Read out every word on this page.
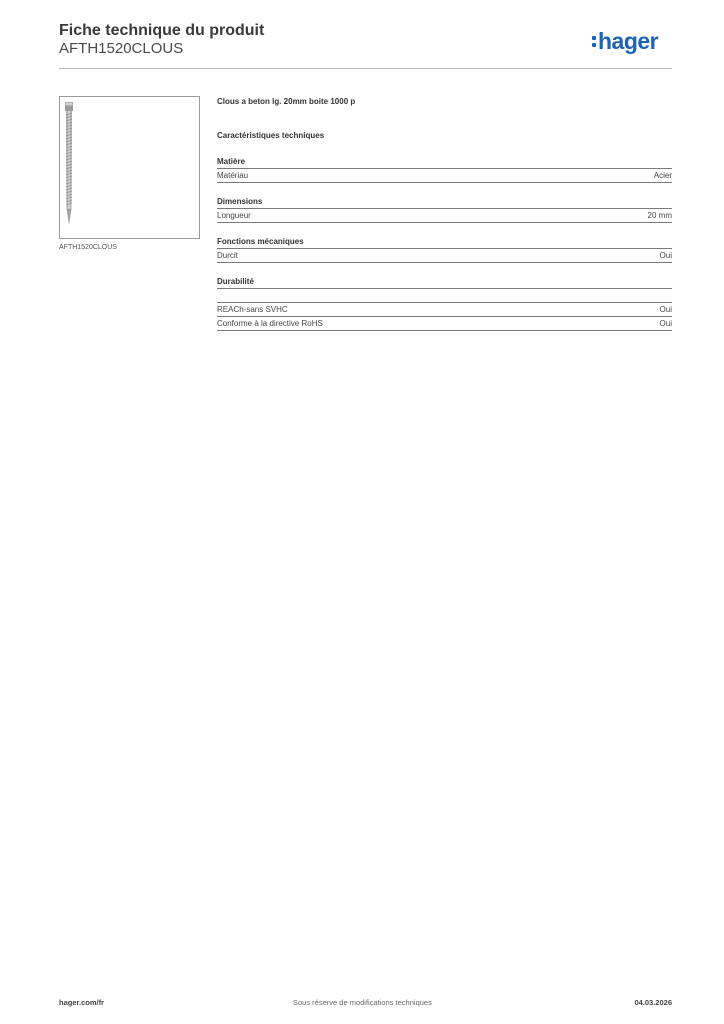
Fiche technique du produit
AFTH1520CLOUS	hager
AFTH1520CLOUS
Clous a beton lg. 20mm boite 1000 p
Caractéristiques techniques
Matière
Matériau	Acier
Dimensions
Longueur	20 mm
Fonctions mécaniques
Durcit	Oui
Durabilité
REACh-sans SVHC	Oui
Conforme à la directive RoHS	Oui
hager.com/fr	Sous réserve de modifications techniques	04.03.2026
